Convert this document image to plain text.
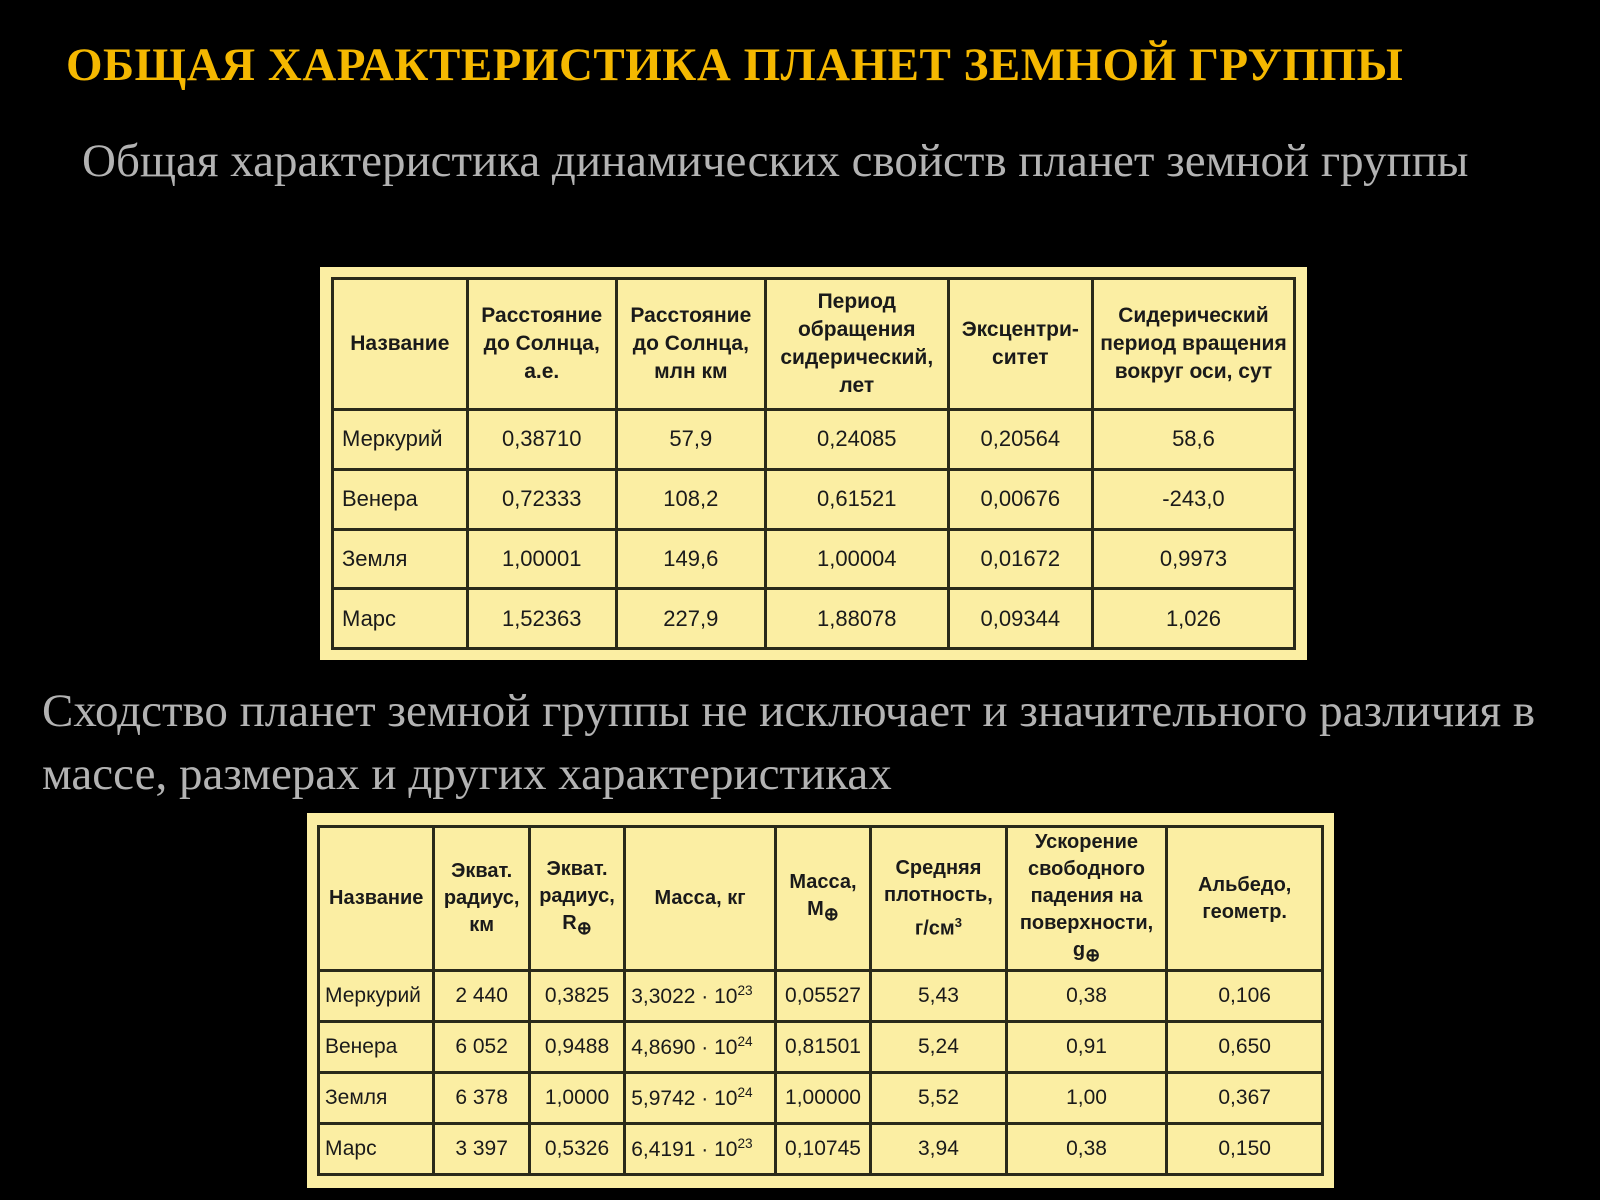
ОБЩАЯ ХАРАКТЕРИСТИКА ПЛАНЕТ ЗЕМНОЙ ГРУППЫ

Общая характеристика динамических свойств планет земной группы

Название	Расстояние до Солнца, а.е.	Расстояние до Солнца, млн км	Период обращения сидерический, лет	Эксцентри-ситет	Сидерический период вращения вокруг оси, сут
Меркурий	0,38710	57,9	0,24085	0,20564	58,6
Венера	0,72333	108,2	0,61521	0,00676	-243,0
Земля	1,00001	149,6	1,00004	0,01672	0,9973
Марс	1,52363	227,9	1,88078	0,09344	1,026

Сходство планет земной группы не исключает и значительного различия в массе, размерах и других характеристиках

Название	Экват. радиус, км	Экват. радиус, $R_\oplus$	Масса, кг	Масса, $M_\oplus$	Средняя плотность, $г/см^3$	Ускорение свободного падения на поверхности, $g_\oplus$	Альбедо, геометр.
Меркурий	2 440	0,3825	$3,3022 \cdot 10^{23}$	0,05527	5,43	0,38	0,106
Венера	6 052	0,9488	$4,8690 \cdot 10^{24}$	0,81501	5,24	0,91	0,650
Земля	6 378	1,0000	$5,9742 \cdot 10^{24}$	1,00000	5,52	1,00	0,367
Марс	3 397	0,5326	$6,4191 \cdot 10^{23}$	0,10745	3,94	0,38	0,150
